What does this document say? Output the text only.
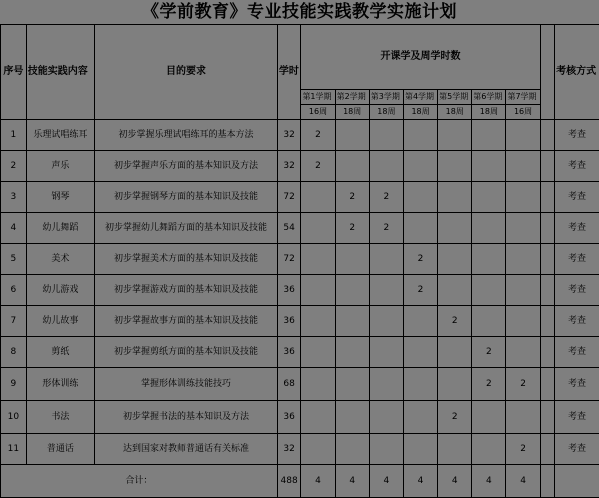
《学前教育》专业技能实践教学实施计划
序号	技能实践内容	目的要求	学时	开课学及周学时数								考核方式
				第1学期	第2学期	第3学期	第4学期	第5学期	第6学期	第7学期		
				16周	18周	18周	18周	18周	18周	16周		
1	乐理试唱练耳	初步掌握乐理试唱练耳的基本方法	32	2								考查
2	声乐	初步掌握声乐方面的基本知识及方法	32	2								考查
3	钢琴	初步掌握钢琴方面的基本知识及技能	72		2	2						考查
4	幼儿舞蹈	初步掌握幼儿舞蹈方面的基本知识及技能	54		2	2						考查
5	美术	初步掌握美术方面的基本知识及技能	72				2					考查
6	幼儿游戏	初步掌握游戏方面的基本知识及技能	36				2					考查
7	幼儿故事	初步掌握故事方面的基本知识及技能	36					2				考查
8	剪纸	初步掌握剪纸方面的基本知识及技能	36						2			考查
9	形体训练	掌握形体训练技能技巧	68						2	2		考查
10	书法	初步掌握书法的基本知识及方法	36					2				考查
11	普通话	达到国家对教师普通话有关标准	32							2		考查
合计：			488	4	4	4	4	4	4	4		
